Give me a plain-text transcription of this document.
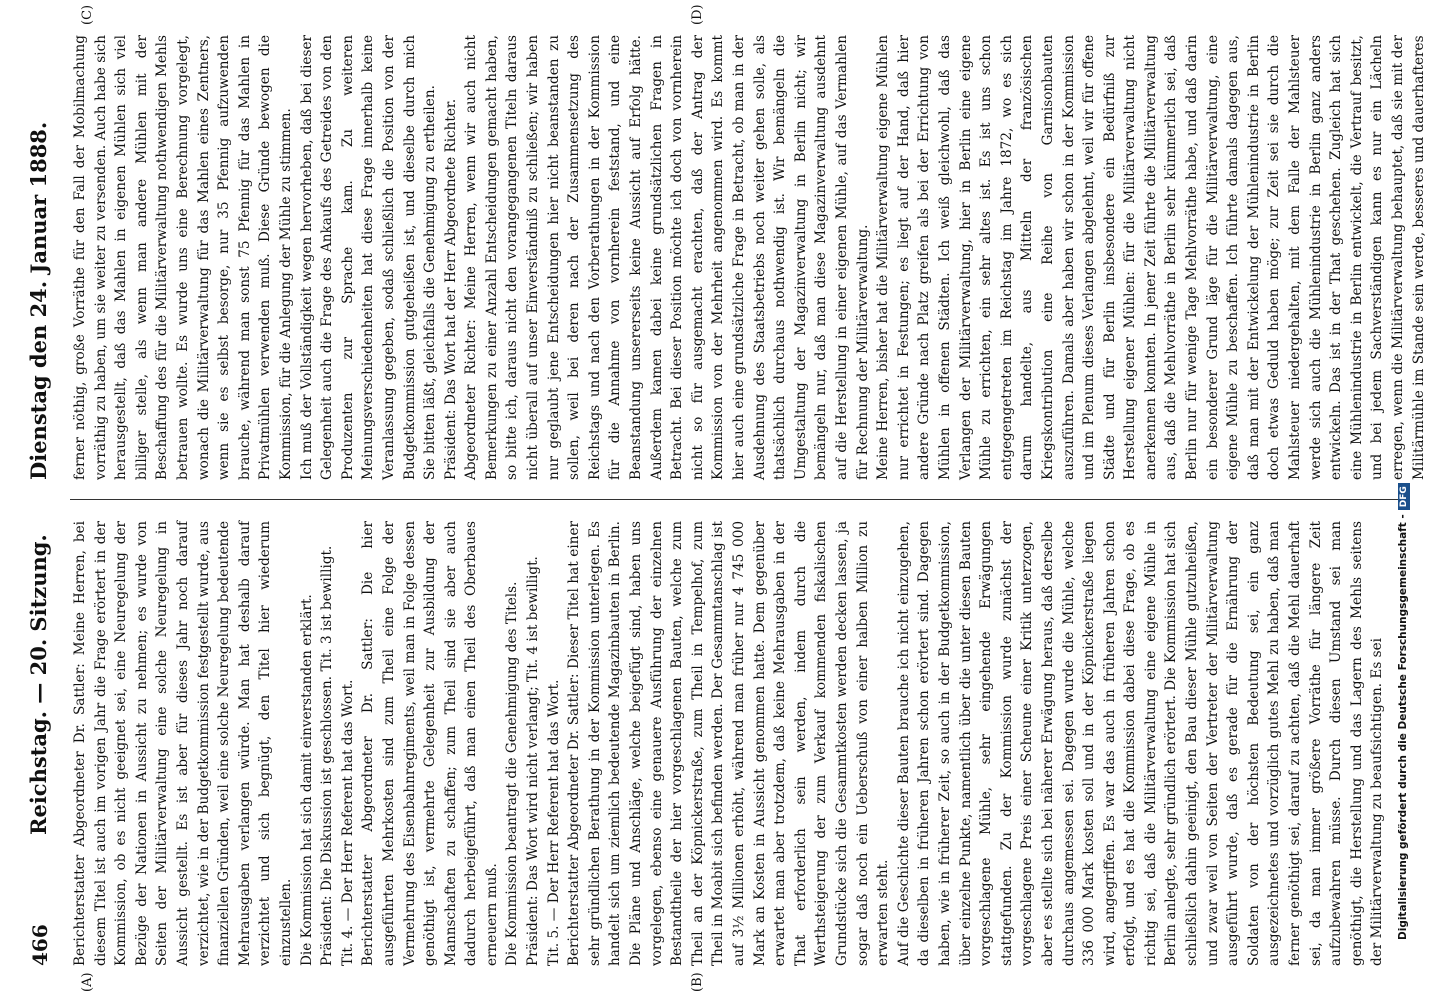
466
Reichstag. — 20. Sitzung.
Dienstag den 24. Januar 1888.
(A)	(B)
(C)	(D)
Berichterstatter Abgeordneter Dr. Sattler: Meine Herren, bei diesem Titel ist auch im vorigen Jahr die Frage erörtert in der Kommission, ob es nicht geeignet sei, eine Neuregelung der Bezüge der Nationen in Aussicht zu nehmen; es wurde von Seiten der Militärverwaltung eine solche Neuregelung in Aussicht gestellt. Es ist aber für dieses Jahr noch darauf verzichtet, wie in der Budgetkommission festgestellt wurde, aus finanziellen Gründen, weil eine solche Neuregelung bedeutende Mehrausgaben verlangen würde. Man hat deshalb darauf verzichtet und sich begnügt, den Titel hier wiederum einzustellen.
Die Kommission hat sich damit einverstanden erklärt.
Präsident: Die Diskussion ist geschlossen. Tit. 3 ist bewilligt.
Tit. 4. — Der Herr Referent hat das Wort.
Berichterstatter Abgeordneter Dr. Sattler: Die hier ausgeführten Mehrkosten sind zum Theil eine Folge der Vermehrung des Eisenbahnregiments, weil man in Folge dessen genöthigt ist, vermehrte Gelegenheit zur Ausbildung der Mannschaften zu schaffen; zum Theil sind sie aber auch dadurch herbeigeführt, daß man einen Theil des Oberbaues erneuern muß.
Die Kommission beantragt die Genehmigung des Titels.
Präsident: Das Wort wird nicht verlangt; Tit. 4 ist bewilligt.
Tit. 5. — Der Herr Referent hat das Wort.
Berichterstatter Abgeordneter Dr. Sattler: Dieser Titel hat einer sehr gründlichen Berathung in der Kommission unterlegen. Es handelt sich um ziemlich bedeutende Magazinbauten in Berlin. Die Pläne und Anschläge, welche beigefügt sind, haben uns vorgelegen, ebenso eine genauere Ausführung der einzelnen Bestandtheile der hier vorgeschlagenen Bauten, welche zum Theil an der Köpnickerstraße, zum Theil in Tempelhof, zum Theil in Moabit sich befinden werden. Der Gesammtanschlag ist auf 3½ Millionen erhöht, während man früher nur 4 745 000 Mark an Kosten in Aussicht genommen hatte. Dem gegenüber erwartet man aber trotzdem, daß keine Mehrausgaben in der That erforderlich sein werden, indem durch die Werthsteigerung der zum Verkauf kommenden fiskalischen Grundstücke sich die Gesammtkosten werden decken lassen, ja sogar daß noch ein Ueberschuß von einer halben Million zu erwarten steht.
Auf die Geschichte dieser Bauten brauche ich nicht einzugehen, da dieselben in früheren Jahren schon erörtert sind. Dagegen haben, wie in früherer Zeit, so auch in der Budgetkommission, über einzelne Punkte, namentlich über die unter diesen Bauten vorgeschlagene Mühle, sehr eingehende Erwägungen stattgefunden. Zu der Kommission wurde zunächst der vorgeschlagene Preis einer Scheune einer Kritik unterzogen, aber es stellte sich bei näherer Erwägung heraus, daß derselbe durchaus angemessen sei. Dagegen wurde die Mühle, welche 336 000 Mark kosten soll und in der Köpnickerstraße liegen wird, angegriffen. Es war das auch in früheren Jahren schon erfolgt, und es hat die Kommission dabei diese Frage, ob es richtig sei, daß die Militärverwaltung eine eigene Mühle in Berlin anlegte, sehr gründlich erörtert. Die Kommission hat sich schließlich dahin geeinigt, den Bau dieser Mühle gutzuheißen, und zwar weil von Seiten der Vertreter der Militärverwaltung ausgeführt wurde, daß es gerade für die Ernährung der Soldaten von der höchsten Bedeutung sei, ein ganz ausgezeichnetes und vorzüglich gutes Mehl zu haben, daß man ferner genöthigt sei, darauf zu achten, daß die Mehl dauerhaft sei, da man immer größere Vorräthe für längere Zeit aufzubewahren müsse. Durch diesen Umstand sei man genöthigt, die Herstellung und das Lagern des Mehls seitens der Militärverwaltung zu beaufsichtigen. Es sei
ferner nöthig, große Vorräthe für den Fall der Mobilmachung vorräthig zu haben, um sie weiter zu versenden. Auch habe sich herausgestellt, daß das Mahlen in eigenen Mühlen sich viel billiger stelle, als wenn man andere Mühlen mit der Beschaffung des für die Militärverwaltung nothwendigen Mehls betrauen wollte. Es wurde uns eine Berechnung vorgelegt, wonach die Militärverwaltung für das Mahlen eines Zentners, wenn sie es selbst besorge, nur 35 Pfennig aufzuwenden brauche, während man sonst 75 Pfennig für das Mahlen in Privatmühlen verwenden muß. Diese Gründe bewogen die Kommission, für die Anlegung der Mühle zu stimmen.
Ich muß der Vollständigkeit wegen hervorheben, daß bei dieser Gelegenheit auch die Frage des Ankaufs des Getreides von den Produzenten zur Sprache kam. Zu weiteren Meinungsverschiedenheiten hat diese Frage innerhalb keine Veranlassung gegeben, sodaß schließlich die Position von der Budgetkommission gutgeheißen ist, und dieselbe durch mich Sie bitten läßt, gleichfalls die Genehmigung zu ertheilen.
Präsident: Das Wort hat der Herr Abgeordnete Richter.
Abgeordneter Richter: Meine Herren, wenn wir auch nicht Bemerkungen zu einer Anzahl Entscheidungen gemacht haben, so bitte ich, daraus nicht den vorangegangenen Titeln daraus nicht überall auf unser Einverständniß zu schließen; wir haben nur geglaubt jene Entscheidungen hier nicht beanstanden zu sollen, weil bei deren nach der Zusammensetzung des Reichstags und nach den Vorberathungen in der Kommission für die Annahme von vornherein feststand, und eine Beanstandung unsererseits keine Aussicht auf Erfolg hätte. Außerdem kamen dabei keine grundsätzlichen Fragen in Betracht. Bei dieser Position möchte ich doch von vornherein nicht so für ausgemacht erachten, daß der Antrag der Kommission von der Mehrheit angenommen wird. Es kommt hier auch eine grundsätzliche Frage in Betracht, ob man in der Ausdehnung des Staatsbetriebs noch weiter gehen solle, als thatsächlich durchaus nothwendig ist. Wir bemängeln die Umgestaltung der Magazinverwaltung in Berlin nicht; wir bemängeln nur, daß man diese Magazinverwaltung ausdehnt auf die Herstellung in einer eigenen Mühle, auf das Vermahlen für Rechnung der Militärverwaltung.
Meine Herren, bisher hat die Militärverwaltung eigene Mühlen nur errichtet in Festungen; es liegt auf der Hand, daß hier andere Gründe nach Platz greifen als bei der Errichtung von Mühlen in offenen Städten. Ich weiß gleichwohl, daß das Verlangen der Militärverwaltung, hier in Berlin eine eigene Mühle zu errichten, ein sehr altes ist. Es ist uns schon entgegengetreten im Reichstag im Jahre 1872, wo es sich darum handelte, aus Mitteln der französischen Kriegskontribution eine Reihe von Garnisonbauten auszuführen. Damals aber haben wir schon in der Kommission und im Plenum dieses Verlangen abgelehnt, weil wir für offene Städte und für Berlin insbesondere ein Bedürfniß zur Herstellung eigener Mühlen: für die Militärverwaltung nicht anerkennen konnten. In jener Zeit führte die Militärverwaltung aus, daß die Mehlvorräthe in Berlin sehr kümmerlich sei, daß Berlin nur für wenige Tage Mehlvorräthe habe, und daß darin ein besonderer Grund läge für die Militärverwaltung, eine eigene Mühle zu beschaffen. Ich führte damals dagegen aus, daß man mit der Entwickelung der Mühlenindustrie in Berlin doch etwas Geduld haben möge; zur Zeit sei sie durch die Mahlsteuer niedergehalten, mit dem Falle der Mahlsteuer werde sich auch die Mühlenindustrie in Berlin ganz anders entwickeln. Das ist in der That geschehen. Zugleich hat sich eine Mühlenindustrie in Berlin entwickelt, die Vertrauf besitzt, und bei jedem Sachverständigen kann es nur ein Lächeln erregen, wenn die Militärverwaltung behauptet, daß sie mit der Militärmühle im Stande sein werde, besseres und dauerhafteres
Digitalisierung gefördert durch die Deutsche Forschungsgemeinschaft -DFG
